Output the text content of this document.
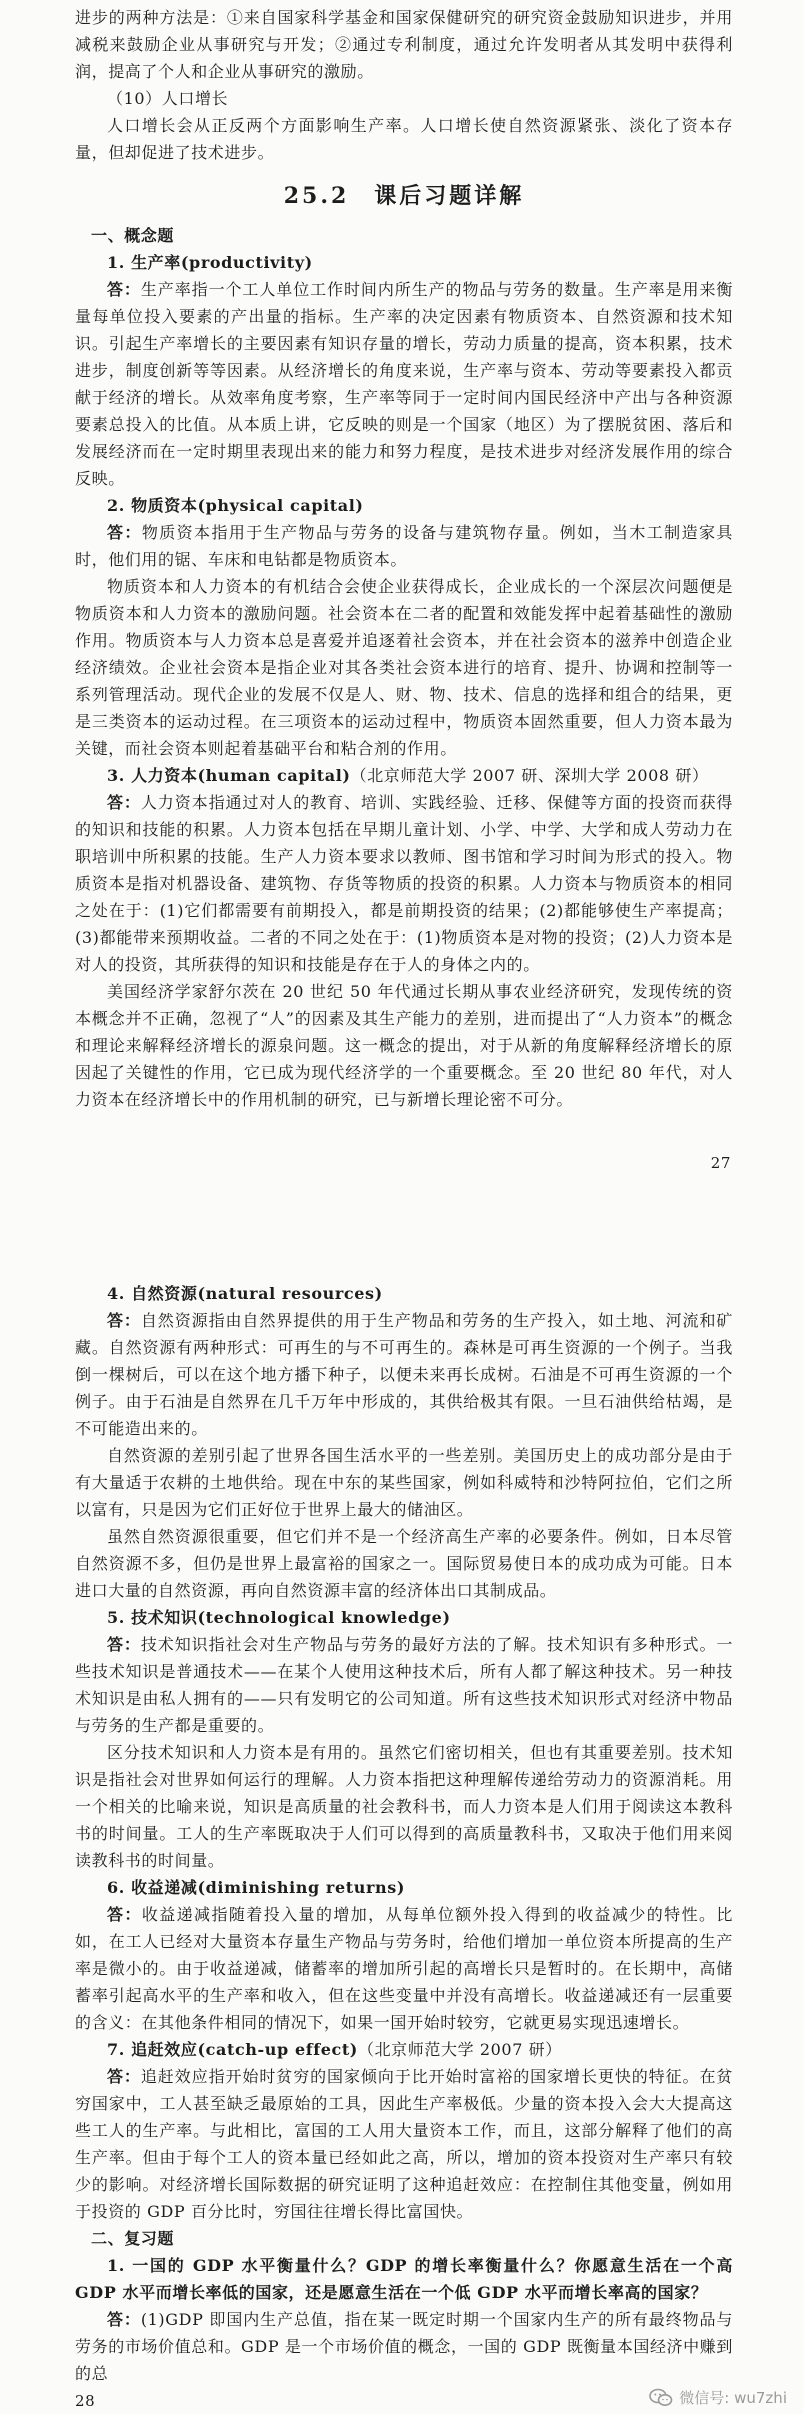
进步的两种方法是：①来自国家科学基金和国家保健研究的研究资金鼓励知识进步，并用减税来鼓励企业从事研究与开发；②通过专利制度，通过允许发明者从其发明中获得利润，提高了个人和企业从事研究的激励。

（10）人口增长

人口增长会从正反两个方面影响生产率。人口增长使自然资源紧张、淡化了资本存量，但却促进了技术进步。

25.2　课后习题详解

一、概念题

1. 生产率(productivity)

答：生产率指一个工人单位工作时间内所生产的物品与劳务的数量。生产率是用来衡量每单位投入要素的产出量的指标。生产率的决定因素有物质资本、自然资源和技术知识。引起生产率增长的主要因素有知识存量的增长，劳动力质量的提高，资本积累，技术进步，制度创新等等因素。从经济增长的角度来说，生产率与资本、劳动等要素投入都贡献于经济的增长。从效率角度考察，生产率等同于一定时间内国民经济中产出与各种资源要素总投入的比值。从本质上讲，它反映的则是一个国家（地区）为了摆脱贫困、落后和发展经济而在一定时期里表现出来的能力和努力程度，是技术进步对经济发展作用的综合反映。

2. 物质资本(physical capital)

答：物质资本指用于生产物品与劳务的设备与建筑物存量。例如，当木工制造家具时，他们用的锯、车床和电钻都是物质资本。

物质资本和人力资本的有机结合会使企业获得成长，企业成长的一个深层次问题便是物质资本和人力资本的激励问题。社会资本在二者的配置和效能发挥中起着基础性的激励作用。物质资本与人力资本总是喜爱并追逐着社会资本，并在社会资本的滋养中创造企业经济绩效。企业社会资本是指企业对其各类社会资本进行的培育、提升、协调和控制等一系列管理活动。现代企业的发展不仅是人、财、物、技术、信息的选择和组合的结果，更是三类资本的运动过程。在三项资本的运动过程中，物质资本固然重要，但人力资本最为关键，而社会资本则起着基础平台和粘合剂的作用。

3. 人力资本(human capital)（北京师范大学 2007 研、深圳大学 2008 研）

答：人力资本指通过对人的教育、培训、实践经验、迁移、保健等方面的投资而获得的知识和技能的积累。人力资本包括在早期儿童计划、小学、中学、大学和成人劳动力在职培训中所积累的技能。生产人力资本要求以教师、图书馆和学习时间为形式的投入。物质资本是指对机器设备、建筑物、存货等物质的投资的积累。人力资本与物质资本的相同之处在于：(1)它们都需要有前期投入，都是前期投资的结果；(2)都能够使生产率提高；(3)都能带来预期收益。二者的不同之处在于：(1)物质资本是对物的投资；(2)人力资本是对人的投资，其所获得的知识和技能是存在于人的身体之内的。

美国经济学家舒尔茨在 20 世纪 50 年代通过长期从事农业经济研究，发现传统的资本概念并不正确，忽视了“人”的因素及其生产能力的差别，进而提出了“人力资本”的概念和理论来解释经济增长的源泉问题。这一概念的提出，对于从新的角度解释经济增长的原因起了关键性的作用，它已成为现代经济学的一个重要概念。至 20 世纪 80 年代，对人力资本在经济增长中的作用机制的研究，已与新增长理论密不可分。

27

4. 自然资源(natural resources)

答：自然资源指由自然界提供的用于生产物品和劳务的生产投入，如土地、河流和矿藏。自然资源有两种形式：可再生的与不可再生的。森林是可再生资源的一个例子。当我倒一棵树后，可以在这个地方播下种子，以便未来再长成树。石油是不可再生资源的一个例子。由于石油是自然界在几千万年中形成的，其供给极其有限。一旦石油供给枯竭，是不可能造出来的。

自然资源的差别引起了世界各国生活水平的一些差别。美国历史上的成功部分是由于有大量适于农耕的土地供给。现在中东的某些国家，例如科威特和沙特阿拉伯，它们之所以富有，只是因为它们正好位于世界上最大的储油区。

虽然自然资源很重要，但它们并不是一个经济高生产率的必要条件。例如，日本尽管自然资源不多，但仍是世界上最富裕的国家之一。国际贸易使日本的成功成为可能。日本进口大量的自然资源，再向自然资源丰富的经济体出口其制成品。

5. 技术知识(technological knowledge)

答：技术知识指社会对生产物品与劳务的最好方法的了解。技术知识有多种形式。一些技术知识是普通技术——在某个人使用这种技术后，所有人都了解这种技术。另一种技术知识是由私人拥有的——只有发明它的公司知道。所有这些技术知识形式对经济中物品与劳务的生产都是重要的。

区分技术知识和人力资本是有用的。虽然它们密切相关，但也有其重要差别。技术知识是指社会对世界如何运行的理解。人力资本指把这种理解传递给劳动力的资源消耗。用一个相关的比喻来说，知识是高质量的社会教科书，而人力资本是人们用于阅读这本教科书的时间量。工人的生产率既取决于人们可以得到的高质量教科书，又取决于他们用来阅读教科书的时间量。

6. 收益递减(diminishing returns)

答：收益递减指随着投入量的增加，从每单位额外投入得到的收益减少的特性。比如，在工人已经对大量资本存量生产物品与劳务时，给他们增加一单位资本所提高的生产率是微小的。由于收益递减，储蓄率的增加所引起的高增长只是暂时的。在长期中，高储蓄率引起高水平的生产率和收入，但在这些变量中并没有高增长。收益递减还有一层重要的含义：在其他条件相同的情况下，如果一国开始时较穷，它就更易实现迅速增长。

7. 追赶效应(catch-up effect)（北京师范大学 2007 研）

答：追赶效应指开始时贫穷的国家倾向于比开始时富裕的国家增长更快的特征。在贫穷国家中，工人甚至缺乏最原始的工具，因此生产率极低。少量的资本投入会大大提高这些工人的生产率。与此相比，富国的工人用大量资本工作，而且，这部分解释了他们的高生产率。但由于每个工人的资本量已经如此之高，所以，增加的资本投资对生产率只有较少的影响。对经济增长国际数据的研究证明了这种追赶效应：在控制住其他变量，例如用于投资的 GDP 百分比时，穷国往往增长得比富国快。

二、复习题

1. 一国的 GDP 水平衡量什么？GDP 的增长率衡量什么？你愿意生活在一个高 GDP 水平而增长率低的国家，还是愿意生活在一个低 GDP 水平而增长率高的国家？

答：(1)GDP 即国内生产总值，指在某一既定时期一个国家内生产的所有最终物品与劳务的市场价值总和。GDP 是一个市场价值的概念，一国的 GDP 既衡量本国经济中赚到的总

28	微信号: wu7zhi
